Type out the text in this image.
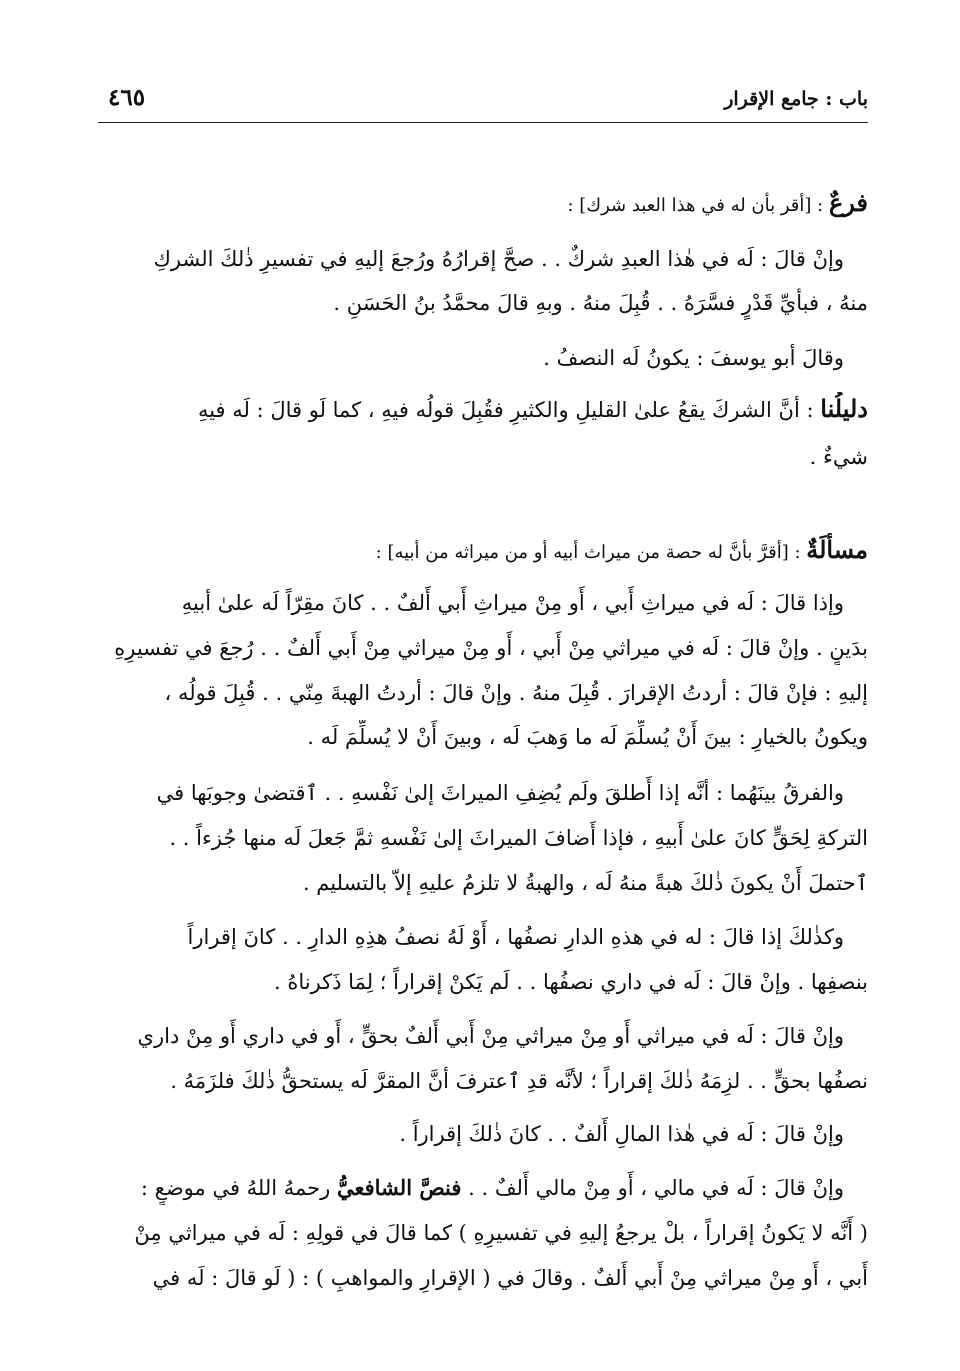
باب : جامع الإقرار
٤٦٥
فرعٌ : [أقر بأن له في هذا العبد شرك] :
وإنْ قالَ : لَه في هٰذا العبدِ شركٌ . . صحَّ إقرارُهُ ورُجعَ إليهِ في تفسيرِ ذٰلكَ الشركِ
منهُ ، فبأيِّ قَدْرٍ فسَّرَهُ . . قُبِلَ منهُ . وبهِ قالَ محمَّدُ بنُ الحَسَنِ .
وقالَ أبو يوسفَ : يكونُ لَه النصفُ .
دليلُنا : أنَّ الشركَ يقعُ علىٰ القليلِ والكثيرِ فقُبِلَ قولُه فيهِ ، كما لَو قالَ : لَه فيهِ
شيءٌ .
مسألَةٌ : [أقرَّ بأنَّ له حصة من ميراث أبيه أو من ميراثه من أبيه] :
وإذا قالَ : لَه في ميراثِ أَبي ، أَو مِنْ ميراثِ أَبي أَلفٌ . . كانَ مقِرّاً لَه علىٰ أبيهِ
بدَينٍ . وإنْ قالَ : لَه في ميراثي مِنْ أَبي ، أَو مِنْ ميراثي مِنْ أَبي أَلفٌ . . رُجعَ في تفسيرِهِ
إليهِ : فإنْ قالَ : أردتُ الإقرارَ . قُبِلَ منهُ . وإنْ قالَ : أردتُ الهبةَ مِنّي . . قُبِلَ قولُه ،
ويكونُ بالخيارِ : بينَ أَنْ يُسلِّمَ لَه ما وَهبَ لَه ، وبينَ أَنْ لا يُسلِّمَ لَه .
والفرقُ بينَهُما : أنَّه إذا أَطلقَ ولَم يُضِفِ الميراثَ إلىٰ نَفْسهِ . . ٱقتضىٰ وجوبَها في
التركةِ لِحَقٍّ كانَ علىٰ أَبيهِ ، فإذا أَضافَ الميراثَ إلىٰ نَفْسهِ ثمَّ جَعلَ لَه منها جُزءاً . .
ٱحتملَ أَنْ يكونَ ذٰلكَ هبةً منهُ لَه ، والهبةُ لا تلزمُ عليهِ إلاّ بالتسليم .
وكذٰلكَ إذا قالَ : له في هذهِ الدارِ نصفُها ، أَوْ لَهُ نصفُ هذِهِ الدارِ . . كانَ إقراراً
بنصفِها . وإنْ قالَ : لَه في داري نصفُها . . لَم يَكنْ إقراراً ؛ لِمَا ذَكرناهُ .
وإنْ قالَ : لَه في ميراثي أَو مِنْ ميراثي مِنْ أَبي أَلفٌ بحقٍّ ، أَو في داري أَو مِنْ داري
نصفُها بحقٍّ . . لزِمَهُ ذٰلكَ إقراراً ؛ لأنَّه قدِ ٱعترفَ أنَّ المقرَّ لَه يستحقُّ ذٰلكَ فلزَمَهُ .
وإنْ قالَ : لَه في هٰذا المالِ أَلفٌ . . كانَ ذٰلكَ إقراراً .
وإنْ قالَ : لَه في مالي ، أَو مِنْ مالي أَلفٌ . . فنصَّ الشافعيُّ رحمهُ اللهُ في موضعٍ :
( أَنَّه لا يَكونُ إقراراً ، بلْ يرجعُ إليهِ في تفسيرِهِ ) كما قالَ في قولِهِ : لَه في ميراثي مِنْ
أَبي ، أَو مِنْ ميراثي مِنْ أَبي أَلفٌ . وقالَ في ( الإقرارِ والمواهبِ ) : ( لَو قالَ : لَه في
